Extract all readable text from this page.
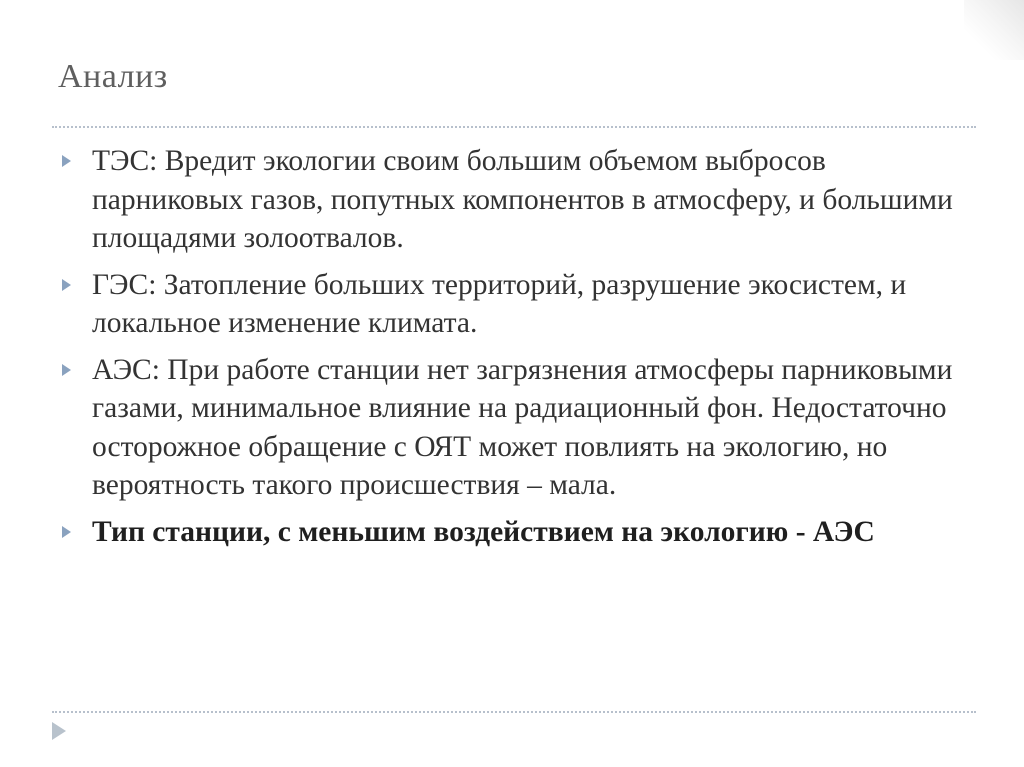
Анализ
ТЭС: Вредит экологии своим большим объемом выбросов парниковых газов, попутных компонентов в атмосферу, и большими площадями золоотвалов.
ГЭС: Затопление больших территорий, разрушение экосистем, и локальное изменение климата.
АЭС: При работе станции нет загрязнения атмосферы парниковыми газами, минимальное влияние на радиационный фон. Недостаточно осторожное обращение с ОЯТ может повлиять на экологию, но вероятность такого происшествия – мала.
Тип станции, с меньшим воздействием на экологию - АЭС
